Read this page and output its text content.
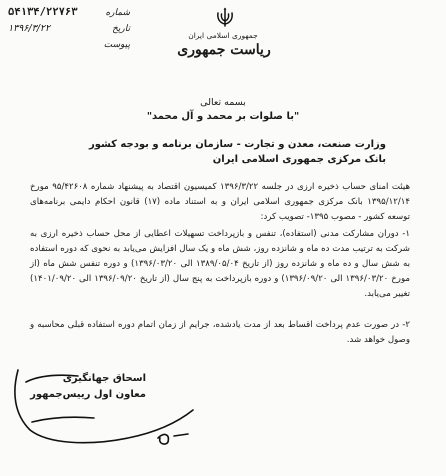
۵۴۱۳۴/۲۲۷۶۳	شماره
۱۳۹۶/۳/۲۲	تاریخ
پیوست
جمهوری اسلامی ایران
ریاست جمهوری
بسمه تعالی
"با صلوات بر محمد و آل محمد"
وزارت صنعت، معدن و تجارت - سازمان برنامه و بودجه کشور
بانک مرکزی جمهوری اسلامی ایران

هیئت امنای حساب ذخیره ارزی در جلسه ۱۳۹۶/۳/۲۲ کمیسیون اقتصاد به پیشنهاد شماره ۹۵/۴۲۶۰۸ مورخ ۱۳۹۵/۱۲/۱۴ بانک مرکزی جمهوری اسلامی ایران و به استناد ماده (۱۷) قانون احکام دایمی برنامه‌های توسعه کشور - مصوب ۱۳۹۵- تصویب کرد:

۱- دوران مشارکت مدنی (استفاده)، تنفس و بازپرداخت تسهیلات اعطایی از محل حساب ذخیره ارزی به شرکت به ترتیب مدت ده ماه و شانزده روز، شش ماه و یک سال افزایش می‌یابد به نحوی که دوره استفاده به شش سال و ده ماه و شانزده روز (از تاریخ ۱۳۸۹/۰۵/۰۴ الی ۱۳۹۶/۰۳/۲۰) و دوره تنفس شش ماه (از مورخ ۱۳۹۶/۰۳/۲۰ الی ۱۳۹۶/۰۹/۲۰) و دوره بازپرداخت به پنج سال (از تاریخ ۱۳۹۶/۰۹/۲۰ الی ۱۴۰۱/۰۹/۲۰) تغییر می‌یابد.

۲- در صورت عدم پرداخت اقساط بعد از مدت یادشده، جرایم از زمان اتمام دوره استفاده قبلی محاسبه و وصول خواهد شد.

اسحاق جهانگیری
معاون اول رییس‌جمهور
